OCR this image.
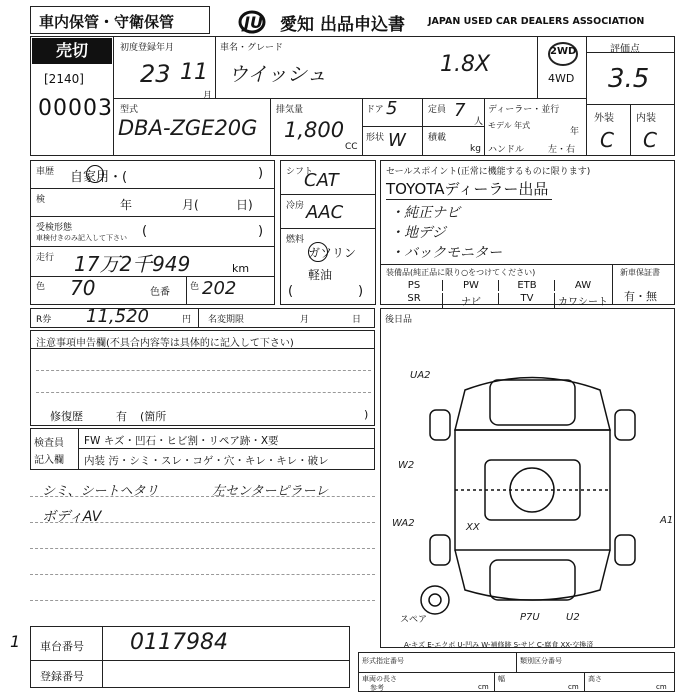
車内保管・守衛保管	JU 愛知 出品申込書 JAPAN USED CAR DEALERS ASSOCIATION
売切
[2140]
00003
初度登録年月
23 11
月
車名・グレード
ウイッシュ	1.8X
2WD
4WD
評価点
3.5
外装 内装
C C
型式
DBA-ZGE20G
排気量
1,800
CC
ドア 5
形状 W
定員 7
人
積載
kg
ディーラー・並行
モデル 年式
年
ハンドル	左・右
車歴 自家用・(	)
検	年	月(	日)
受検形態
車検付きのみ記入して下さい (	)
走行 17万2千949	km
色 70	色番 色 202
シフト
CAT
冷房 AAC
燃料
ガソリン
軽油
(	)
セールスポイント(正常に機能するものに限ります)
TOYOTAディーラー出品
・純正ナビ
・地デジ
・バックモニター
装備品(純正品に限り○をつけてください)	新車保証書
有・無
PS	PW	ETB	AW
SR	ナビ	TV	カワシート
R券 11,520	円 名変期限	月	日
注意事項申告欄(不具合内容等は具体的に記入して下さい)
修復歴	有 (箇所	)
検査員
記入欄
FW キズ・凹石・ヒビ割・リペア跡・X要
内装 汚・シミ・スレ・コゲ・穴・キレ・キレ・破レ
シミ、シートヘタリ	左センターピラーレ
ボディAV
後日品
UA2
W2
XX
A1
WA2
P7U	U2
スペア
A-キズ E-エクボ U-凹み W-補修跡 S-サビ C-腐食 XX-交換済
1 車台番号 0117984
登録番号
形式指定番号	類別区分番号
車両の長さ
参考	cm
幅
cm
高さ
cm
